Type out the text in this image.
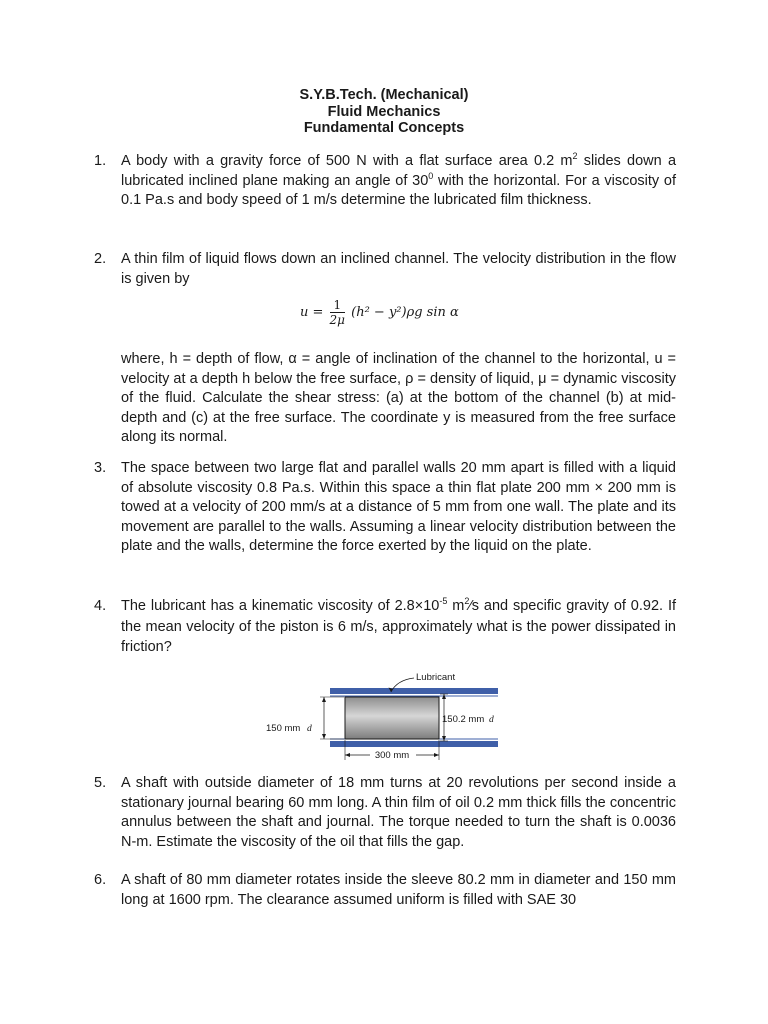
S.Y.B.Tech. (Mechanical)
Fluid Mechanics
Fundamental Concepts
1. A body with a gravity force of 500 N with a flat surface area 0.2 $m^2$ slides down a lubricated inclined plane making an angle of $30^0$ with the horizontal. For a viscosity of 0.1 Pa.s and body speed of 1 m/s determine the lubricated film thickness.
2. A thin film of liquid flows down an inclined channel. The velocity distribution in the flow is given by
$u = \frac{1}{2\mu} (h^2 - y^2)\rho g$ sin α
where, h = depth of flow, α = angle of inclination of the channel to the horizontal, u = velocity at a depth h below the free surface, ρ = density of liquid, μ = dynamic viscosity of the fluid. Calculate the shear stress: (a) at the bottom of the channel (b) at mid-depth and (c) at the free surface. The coordinate y is measured from the free surface along its normal.
3. The space between two large flat and parallel walls 20 mm apart is filled with a liquid of absolute viscosity 0.8 Pa.s. Within this space a thin flat plate 200 mm × 200 mm is towed at a velocity of 200 mm/s at a distance of 5 mm from one wall. The plate and its movement are parallel to the walls. Assuming a linear velocity distribution between the plate and the walls, determine the force exerted by the liquid on the plate.
4. The lubricant has a kinematic viscosity of $2.8\times 10^{-5}$ $m^2⁄s$ and specific gravity of 0.92. If the mean velocity of the piston is 6 m/s, approximately what is the power dissipated in friction?
Lubricant
150 mm d
150.2 mm d
300 mm
5. A shaft with outside diameter of 18 mm turns at 20 revolutions per second inside a stationary journal bearing 60 mm long. A thin film of oil 0.2 mm thick fills the concentric annulus between the shaft and journal. The torque needed to turn the shaft is 0.0036 N-m. Estimate the viscosity of the oil that fills the gap.
6. A shaft of 80 mm diameter rotates inside the sleeve 80.2 mm in diameter and 150 mm long at 1600 rpm. The clearance assumed uniform is filled with SAE 30
